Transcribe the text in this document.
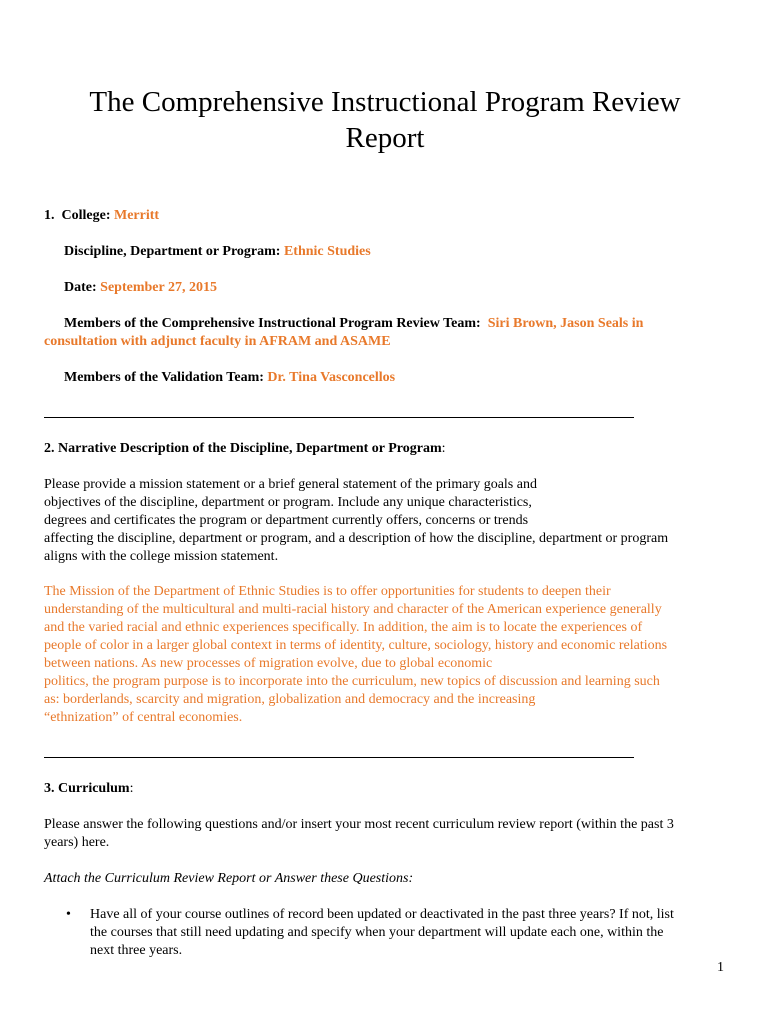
The Comprehensive Instructional Program Review
Report
1. College: Merritt
Discipline, Department or Program: Ethnic Studies
Date: September 27, 2015
Members of the Comprehensive Instructional Program Review Team: Siri Brown, Jason Seals in
consultation with adjunct faculty in AFRAM and ASAME
Members of the Validation Team: Dr. Tina Vasconcellos
2. Narrative Description of the Discipline, Department or Program:
Please provide a mission statement or a brief general statement of the primary goals and
objectives of the discipline, department or program. Include any unique characteristics,
degrees and certificates the program or department currently offers, concerns or trends
affecting the discipline, department or program, and a description of how the discipline, department or program
aligns with the college mission statement.
The Mission of the Department of Ethnic Studies is to offer opportunities for students to deepen their
understanding of the multicultural and multi-racial history and character of the American experience generally
and the varied racial and ethnic experiences specifically. In addition, the aim is to locate the experiences of
people of color in a larger global context in terms of identity, culture, sociology, history and economic relations
between nations. As new processes of migration evolve, due to global economic
politics, the program purpose is to incorporate into the curriculum, new topics of discussion and learning such
as: borderlands, scarcity and migration, globalization and democracy and the increasing
“ethnization” of central economies.
3. Curriculum:
Please answer the following questions and/or insert your most recent curriculum review report (within the past 3
years) here.
Attach the Curriculum Review Report or Answer these Questions:
• Have all of your course outlines of record been updated or deactivated in the past three years? If not, list
the courses that still need updating and specify when your department will update each one, within the
next three years.
1
